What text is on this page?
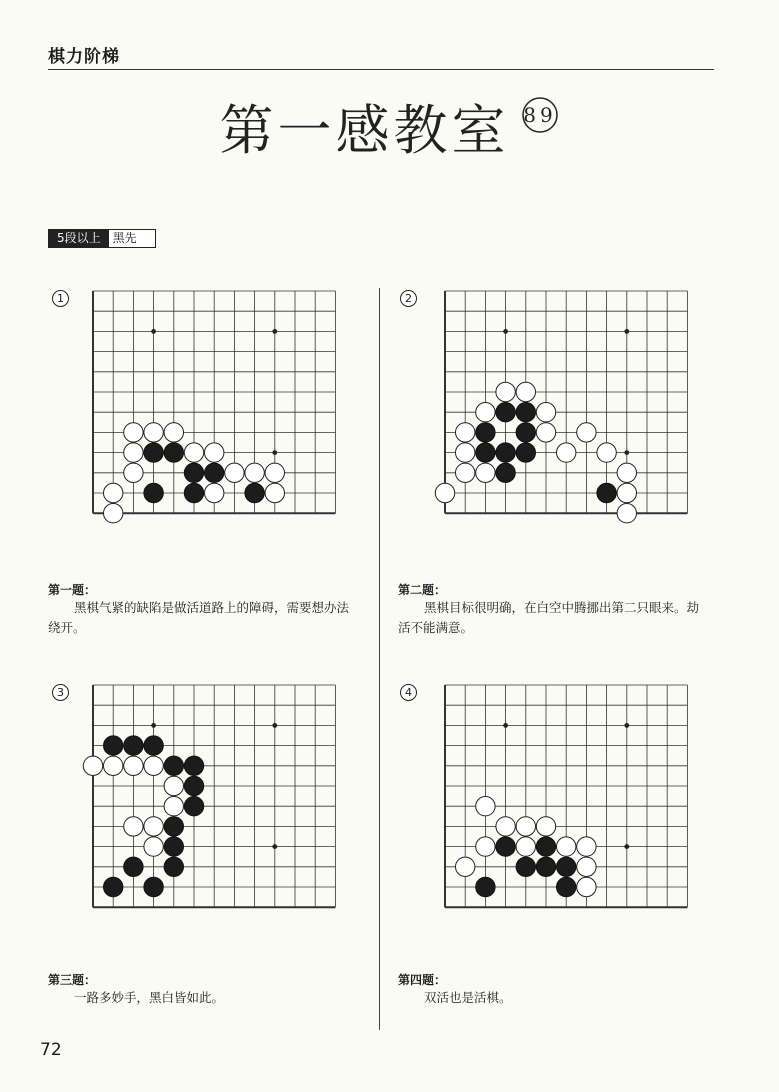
棋力阶梯
第一感教室 89
5段以上	黑先
1
第一题：
黑棋气紧的缺陷是做活道路上的障碍，需要想办法绕开。
2
第二题：
黑棋目标很明确，在白空中腾挪出第二只眼来。劫活不能满意。
3
第三题：
一路多妙手，黑白皆如此。
4
第四题：
双活也是活棋。
72
